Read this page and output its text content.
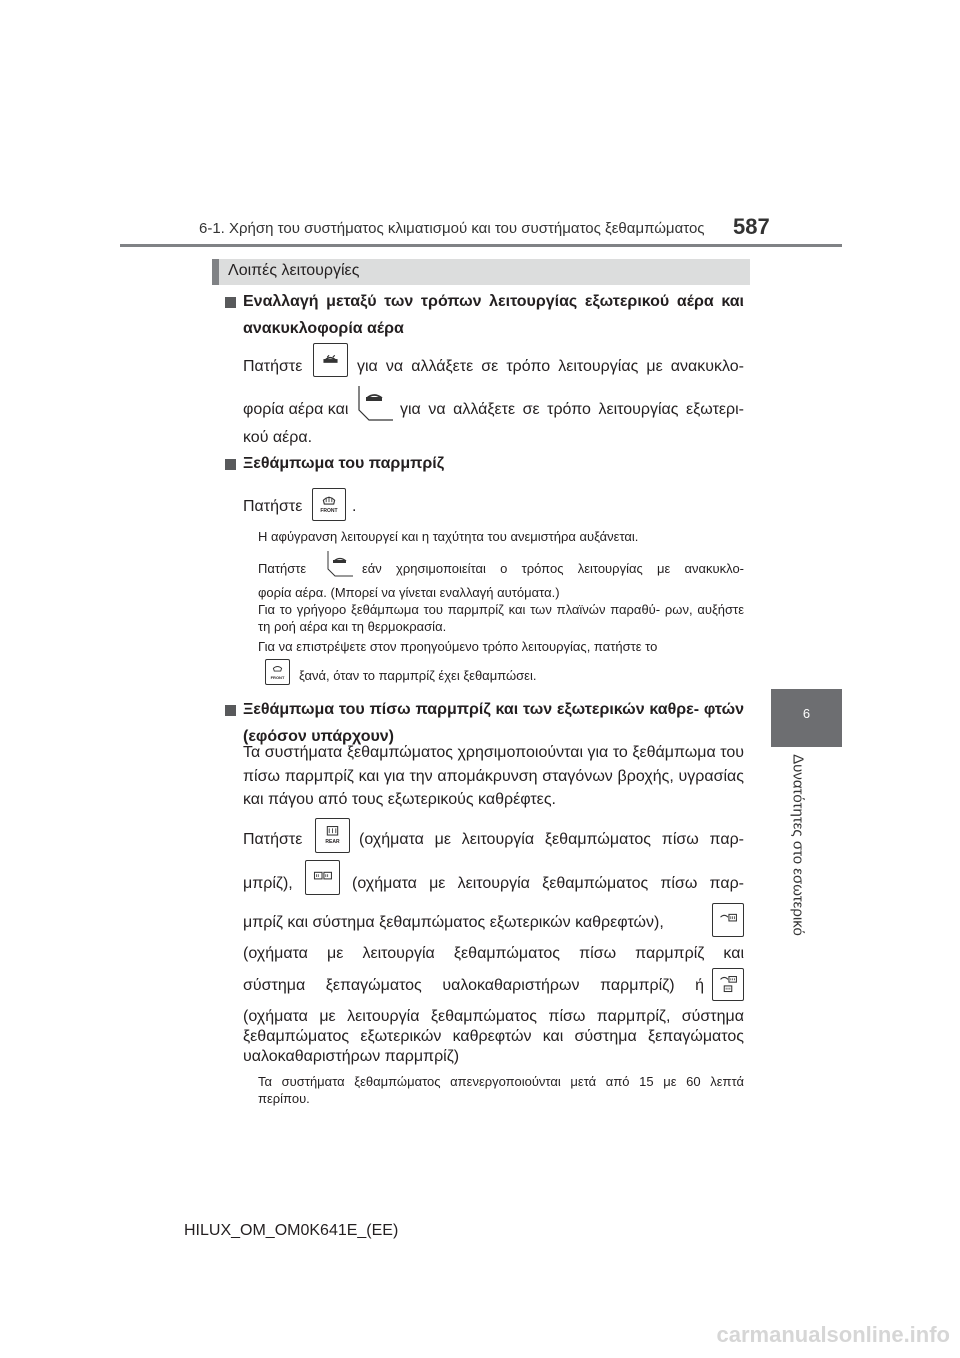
6-1. Χρήση του συστήματος κλιματισμού και του συστήματος ξεθαμπώματος 587
6
Δυνατότητες στο εσωτερικό
Λοιπές λειτουργίες
Εναλλαγή μεταξύ των τρόπων λειτουργίας εξωτερικού αέρα και ανακυκλοφορία αέρα
Πατήστε	για να αλλάξετε σε τρόπο λειτουργίας με ανακυκλο-
φορία αέρα και	για να αλλάξετε σε τρόπο λειτουργίας εξωτερι-
κού αέρα.
Ξεθάμπωμα του παρμπρίζ
Πατήστε	FRONT .
Η αφύγρανση λειτουργεί και η ταχύτητα του ανεμιστήρα αυξάνεται.
Πατήστε	εάν χρησιμοποιείται ο τρόπος λειτουργίας με ανακυκλο-
φορία αέρα. (Μπορεί να γίνεται εναλλαγή αυτόματα.)
Για το γρήγορο ξεθάμπωμα του παρμπρίζ και των πλαϊνών παραθύ- ρων, αυξήστε τη ροή αέρα και τη θερμοκρασία.
Για να επιστρέψετε στον προηγούμενο τρόπο λειτουργίας, πατήστε το
FRONT	ξανά, όταν το παρμπρίζ έχει ξεθαμπώσει.
Ξεθάμπωμα του πίσω παρμπρίζ και των εξωτερικών καθρε- φτών (εφόσον υπάρχουν)
Τα συστήματα ξεθαμπώματος χρησιμοποιούνται για το ξεθάμπωμα του πίσω παρμπρίζ και για την απομάκρυνση σταγόνων βροχής, υγρασίας και πάγου από τους εξωτερικούς καθρέφτες.
Πατήστε	REAR	(οχήματα με λειτουργία ξεθαμπώματος πίσω παρ-
μπρίζ),	(οχήματα με λειτουργία ξεθαμπώματος πίσω παρ-
μπρίζ και σύστημα ξεθαμπώματος εξωτερικών καθρεφτών),
(οχήματα με λειτουργία ξεθαμπώματος πίσω παρμπρίζ και
σύστημα ξεπαγώματος υαλοκαθαριστήρων παρμπρίζ) ή
(οχήματα με λειτουργία ξεθαμπώματος πίσω παρμπρίζ, σύστημα ξεθαμπώματος εξωτερικών καθρεφτών και σύστημα ξεπαγώματος υαλοκαθαριστήρων παρμπρίζ)
Τα συστήματα ξεθαμπώματος απενεργοποιούνται μετά από 15 με 60 λεπτά περίπου.
HILUX_OM_OM0K641E_(EE)
carmanualsonline.info
